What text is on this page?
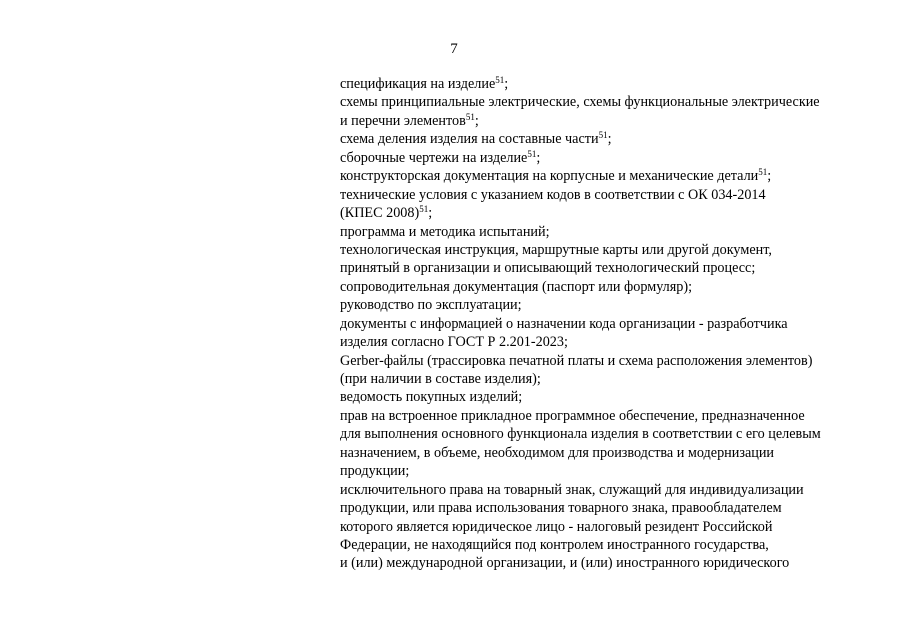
7
спецификация на изделие$^{51}$;
схемы принципиальные электрические, схемы функциональные электрические
и перечни элементов$^{51}$;
схема деления изделия на составные части$^{51}$;
сборочные чертежи на изделие$^{51}$;
конструкторская документация на корпусные и механические детали$^{51}$;
технические условия с указанием кодов в соответствии с ОК 034-2014
(КПЕС 2008)$^{51}$;
программа и методика испытаний;
технологическая инструкция, маршрутные карты или другой документ,
принятый в организации и описывающий технологический процесс;
сопроводительная документация (паспорт или формуляр);
руководство по эксплуатации;
документы с информацией о назначении кода организации - разработчика
изделия согласно ГОСТ Р 2.201-2023;
Gerber-файлы (трассировка печатной платы и схема расположения элементов)
(при наличии в составе изделия);
ведомость покупных изделий;
прав на встроенное прикладное программное обеспечение, предназначенное
для выполнения основного функционала изделия в соответствии с его целевым
назначением, в объеме, необходимом для производства и модернизации
продукции;
исключительного права на товарный знак, служащий для индивидуализации
продукции, или права использования товарного знака, правообладателем
которого является юридическое лицо - налоговый резидент Российской
Федерации, не находящийся под контролем иностранного государства,
и (или) международной организации, и (или) иностранного юридического
